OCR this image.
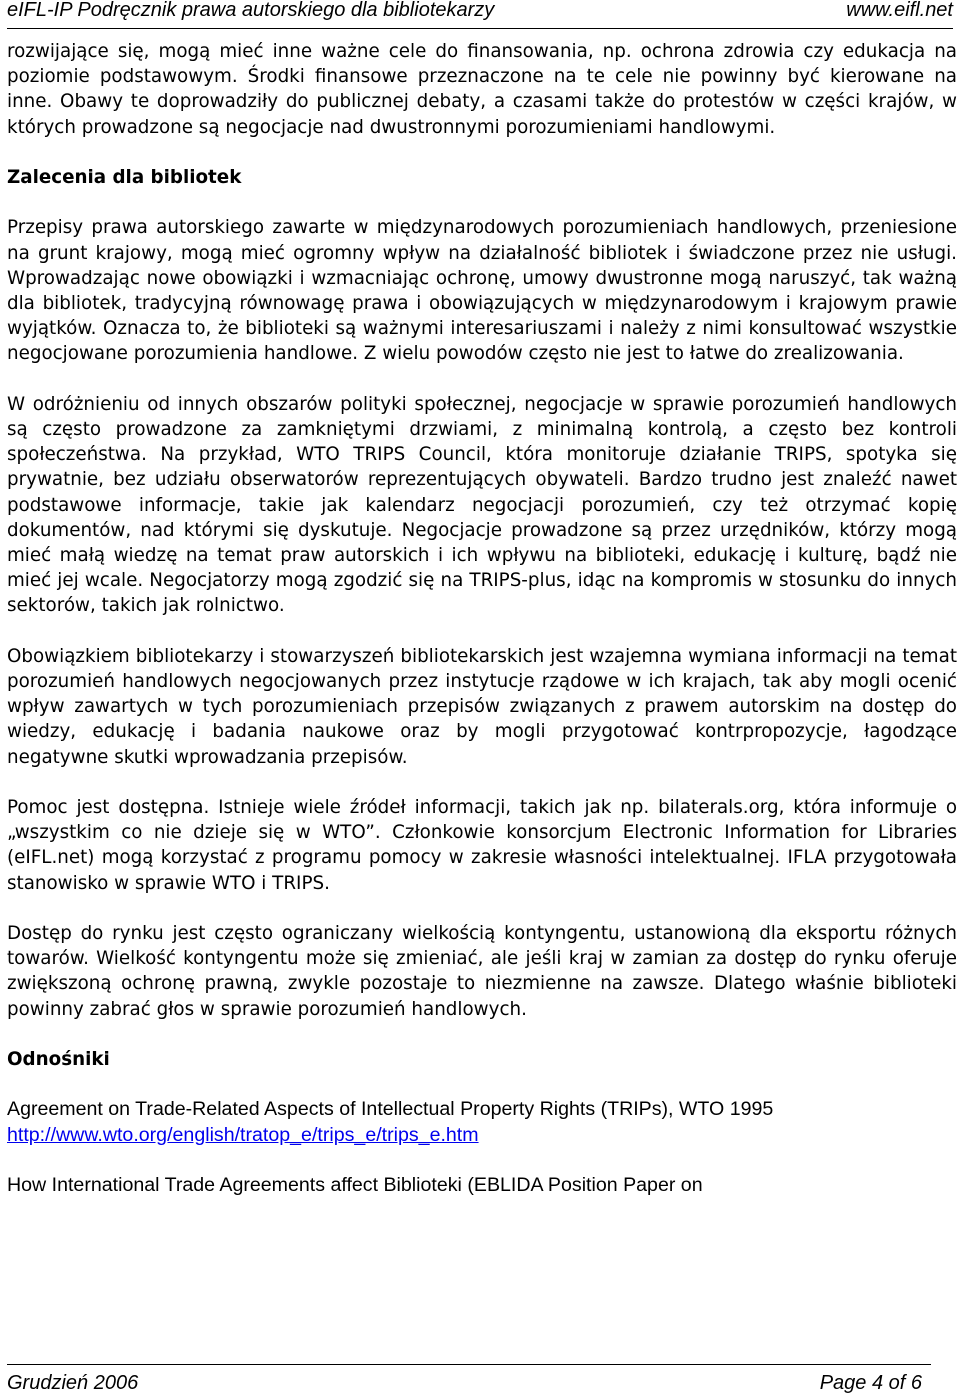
eIFL-IP Podręcznik prawa autorskiego dla bibliotekarzy	www.eifl.net

rozwijające się, mogą mieć inne ważne cele do finansowania, np. ochrona zdrowia czy edukacja na poziomie podstawowym. Środki finansowe przeznaczone na te cele nie powinny być kierowane na inne. Obawy te doprowadziły do publicznej debaty, a czasami także do protestów w części krajów, w których prowadzone są negocjacje nad dwustronnymi porozumieniami handlowymi.

Zalecenia dla bibliotek

Przepisy prawa autorskiego zawarte w międzynarodowych porozumieniach handlowych, przeniesione na grunt krajowy, mogą mieć ogromny wpływ na działalność bibliotek i świadczone przez nie usługi. Wprowadzając nowe obowiązki i wzmacniając ochronę, umowy dwustronne mogą naruszyć, tak ważną dla bibliotek, tradycyjną równowagę prawa i obowiązujących w międzynarodowym i krajowym prawie wyjątków. Oznacza to, że biblioteki są ważnymi interesariuszami i należy z nimi konsultować wszystkie negocjowane porozumienia handlowe. Z wielu powodów często nie jest to łatwe do zrealizowania.

W odróżnieniu od innych obszarów polityki społecznej, negocjacje w sprawie porozumień handlowych są często prowadzone za zamkniętymi drzwiami, z minimalną kontrolą, a często bez kontroli społeczeństwa. Na przykład, WTO TRIPS Council, która monitoruje działanie TRIPS, spotyka się prywatnie, bez udziału obserwatorów reprezentujących obywateli. Bardzo trudno jest znaleźć nawet podstawowe informacje, takie jak kalendarz negocjacji porozumień, czy też otrzymać kopię dokumentów, nad którymi się dyskutuje. Negocjacje prowadzone są przez urzędników, którzy mogą mieć małą wiedzę na temat praw autorskich i ich wpływu na biblioteki, edukację i kulturę, bądź nie mieć jej wcale. Negocjatorzy mogą zgodzić się na TRIPS-plus, idąc na kompromis w stosunku do innych sektorów, takich jak rolnictwo.

Obowiązkiem bibliotekarzy i stowarzyszeń bibliotekarskich jest wzajemna wymiana informacji na temat porozumień handlowych negocjowanych przez instytucje rządowe w ich krajach, tak aby mogli ocenić wpływ zawartych w tych porozumieniach przepisów związanych z prawem autorskim na dostęp do wiedzy, edukację i badania naukowe oraz by mogli przygotować kontrpropozycje, łagodzące negatywne skutki wprowadzania przepisów.

Pomoc jest dostępna. Istnieje wiele źródeł informacji, takich jak np. bilaterals.org, która informuje o „wszystkim co nie dzieje się w WTO”. Członkowie konsorcjum Electronic Information for Libraries (eIFL.net) mogą korzystać z programu pomocy w zakresie własności intelektualnej. IFLA przygotowała stanowisko w sprawie WTO i TRIPS.

Dostęp do rynku jest często ograniczany wielkością kontyngentu, ustanowioną dla eksportu różnych towarów. Wielkość kontyngentu może się zmieniać, ale jeśli kraj w zamian za dostęp do rynku oferuje zwiększoną ochronę prawną, zwykle pozostaje to niezmienne na zawsze. Dlatego właśnie biblioteki powinny zabrać głos w sprawie porozumień handlowych.

Odnośniki

Agreement on Trade-Related Aspects of Intellectual Property Rights (TRIPs), WTO 1995
http://www.wto.org/english/tratop_e/trips_e/trips_e.htm

How International Trade Agreements affect Biblioteki (EBLIDA Position Paper on

Grudzień 2006	Page 4 of 6
